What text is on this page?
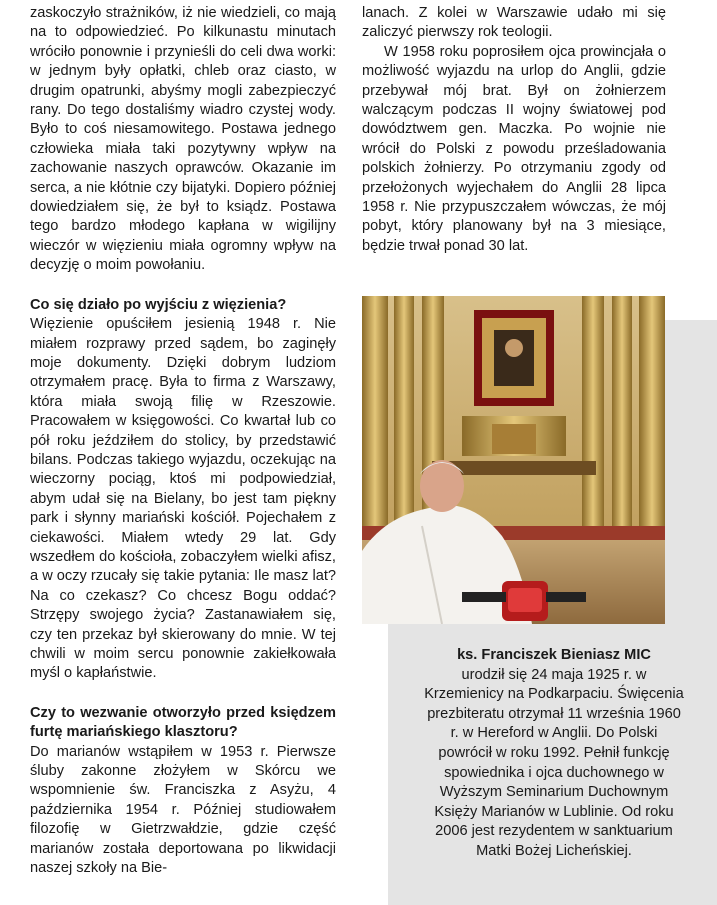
zaskoczyło strażników, iż nie wiedzieli, co mają na to odpowiedzieć. Po kilkunastu minutach wróciło ponownie i przynieśli do celi dwa worki: w jednym były opłatki, chleb oraz ciasto, w drugim opatrunki, abyśmy mogli zabezpieczyć rany. Do tego dostaliśmy wiadro czystej wody. Było to coś niesamowitego. Postawa jednego człowieka miała taki pozytywny wpływ na zachowanie naszych oprawców. Okazanie im serca, a nie kłótnie czy bijatyki. Dopiero później dowiedziałem się, że był to ksiądz. Postawa tego bardzo młodego kapłana w wigilijny wieczór w więzieniu miała ogromny wpływ na decyzję o moim powołaniu.

Co się działo po wyjściu z więzienia?

Więzienie opuściłem jesienią 1948 r. Nie miałem rozprawy przed sądem, bo zaginęły moje dokumenty. Dzięki dobrym ludziom otrzymałem pracę. Była to firma z Warszawy, która miała swoją filię w Rzeszowie. Pracowałem w księgowości. Co kwartał lub co pół roku jeździłem do stolicy, by przedstawić bilans. Podczas takiego wyjazdu, oczekując na wieczorny pociąg, ktoś mi podpowiedział, abym udał się na Bielany, bo jest tam piękny park i słynny mariański kościół. Pojechałem z ciekawości. Miałem wtedy 29 lat. Gdy wszedłem do kościoła, zobaczyłem wielki afisz, a w oczy rzucały się takie pytania: Ile masz lat? Na co czekasz? Co chcesz Bogu oddać? Strzępy swojego życia? Zastanawiałem się, czy ten przekaz był skierowany do mnie. W tej chwili w moim sercu ponownie zakiełkowała myśl o kapłaństwie.

Czy to wezwanie otworzyło przed księdzem furtę mariańskiego klasztoru?

Do marianów wstąpiłem w 1953 r. Pierwsze śluby zakonne złożyłem w Skórcu we wspomnienie św. Franciszka z Asyżu, 4 października 1954 r. Później studiowałem filozofię w Gietrzwałdzie, gdzie część marianów została deportowana po likwidacji naszej szkoły na Bie-

lanach. Z kolei w Warszawie udało mi się zaliczyć pierwszy rok teologii.

W 1958 roku poprosiłem ojca prowincjała o możliwość wyjazdu na urlop do Anglii, gdzie przebywał mój brat. Był on żołnierzem walczącym podczas II wojny światowej pod dowództwem gen. Maczka. Po wojnie nie wrócił do Polski z powodu prześladowania polskich żołnierzy. Po otrzymaniu zgody od przełożonych wyjechałem do Anglii 28 lipca 1958 r. Nie przypuszczałem wówczas, że mój pobyt, który planowany był na 3 miesiące, będzie trwał ponad 30 lat.

ks. Franciszek Bieniasz MIC

urodził się 24 maja 1925 r. w Krzemienicy na Podkarpaciu. Święcenia prezbiteratu otrzymał 11 września 1960 r. w Hereford w Anglii. Do Polski powrócił w roku 1992. Pełnił funkcję spowiednika i ojca duchownego w Wyższym Seminarium Duchownym Księży Marianów w Lublinie. Od roku 2006 jest rezydentem w sanktuarium Matki Bożej Licheńskiej.
